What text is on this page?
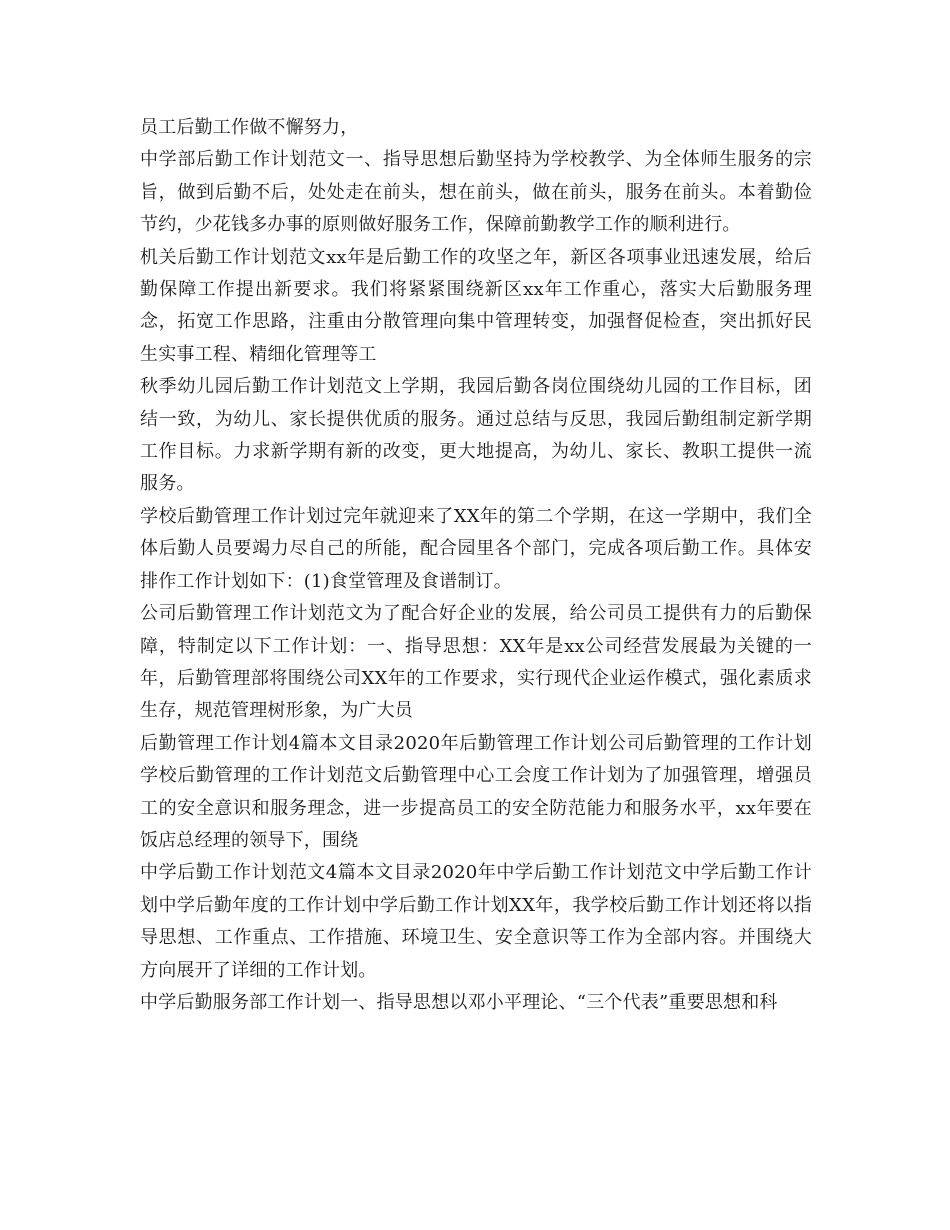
员工后勤工作做不懈努力，

中学部后勤工作计划范文一、指导思想后勤坚持为学校教学、为全体师生服务的宗旨，做到后勤不后，处处走在前头，想在前头，做在前头，服务在前头。本着勤俭节约，少花钱多办事的原则做好服务工作，保障前勤教学工作的顺利进行。

机关后勤工作计划范文xx年是后勤工作的攻坚之年，新区各项事业迅速发展，给后勤保障工作提出新要求。我们将紧紧围绕新区xx年工作重心，落实大后勤服务理念，拓宽工作思路，注重由分散管理向集中管理转变，加强督促检查，突出抓好民生实事工程、精细化管理等工

秋季幼儿园后勤工作计划范文上学期，我园后勤各岗位围绕幼儿园的工作目标，团结一致，为幼儿、家长提供优质的服务。通过总结与反思，我园后勤组制定新学期工作目标。力求新学期有新的改变，更大地提高，为幼儿、家长、教职工提供一流服务。

学校后勤管理工作计划过完年就迎来了XX年的第二个学期，在这一学期中，我们全体后勤人员要竭力尽自己的所能，配合园里各个部门，完成各项后勤工作。具体安排作工作计划如下：(1)食堂管理及食谱制订。

公司后勤管理工作计划范文为了配合好企业的发展，给公司员工提供有力的后勤保障，特制定以下工作计划：一、指导思想：XX年是xx公司经营发展最为关键的一年，后勤管理部将围绕公司XX年的工作要求，实行现代企业运作模式，强化素质求生存，规范管理树形象，为广大员

后勤管理工作计划4篇本文目录2020年后勤管理工作计划公司后勤管理的工作计划学校后勤管理的工作计划范文后勤管理中心工会度工作计划为了加强管理，增强员工的安全意识和服务理念，进一步提高员工的安全防范能力和服务水平，xx年要在饭店总经理的领导下，围绕

中学后勤工作计划范文4篇本文目录2020年中学后勤工作计划范文中学后勤工作计划中学后勤年度的工作计划中学后勤工作计划XX年，我学校后勤工作计划还将以指导思想、工作重点、工作措施、环境卫生、安全意识等工作为全部内容。并围绕大方向展开了详细的工作计划。

中学后勤服务部工作计划一、指导思想以邓小平理论、“三个代表”重要思想和科
